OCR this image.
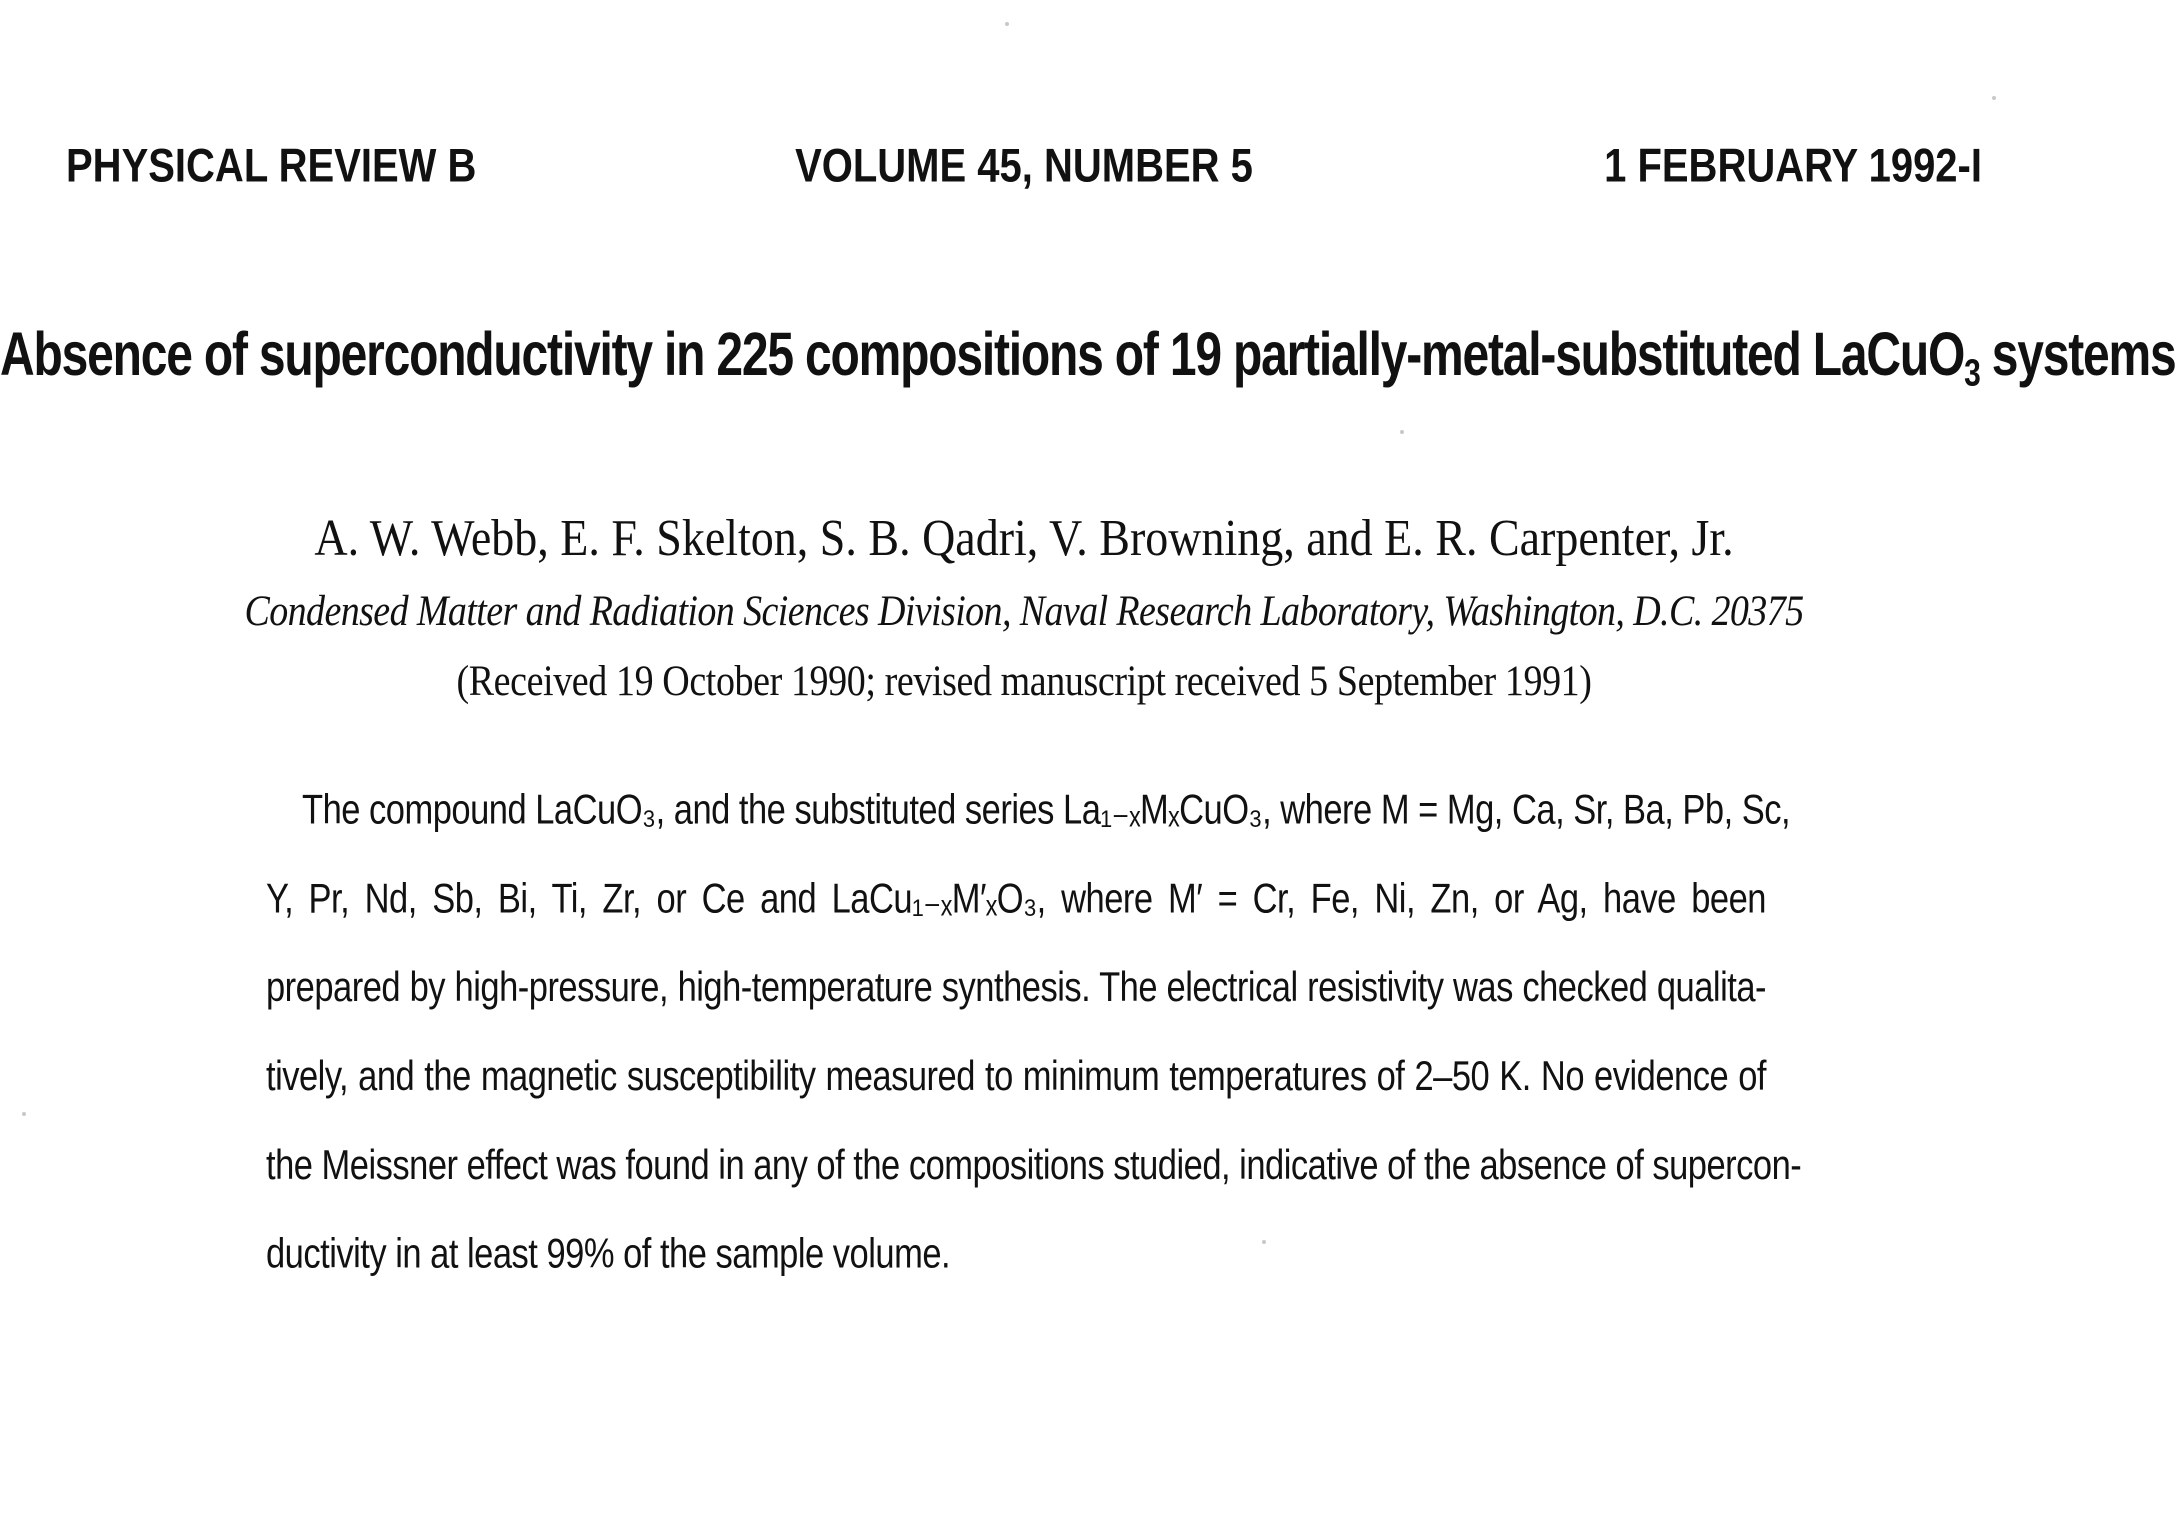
PHYSICAL REVIEW B	VOLUME 45, NUMBER 5	1 FEBRUARY 1992-I
Absence of superconductivity in 225 compositions of 19 partially-metal-substituted LaCuO$_3$ systems
A. W. Webb, E. F. Skelton, S. B. Qadri, V. Browning, and E. R. Carpenter, Jr.
Condensed Matter and Radiation Sciences Division, Naval Research Laboratory, Washington, D.C. 20375
(Received 19 October 1990; revised manuscript received 5 September 1991)
The compound LaCuO₃, and the substituted series La₁₋ₓMₓCuO₃, where M = Mg, Ca, Sr, Ba, Pb, Sc,
Y, Pr, Nd, Sb, Bi, Ti, Zr, or Ce and LaCu₁₋ₓM′ₓO₃, where M′ = Cr, Fe, Ni, Zn, or Ag, have been
prepared by high-pressure, high-temperature synthesis. The electrical resistivity was checked qualita-
tively, and the magnetic susceptibility measured to minimum temperatures of 2–50 K. No evidence of
the Meissner effect was found in any of the compositions studied, indicative of the absence of supercon-
ductivity in at least 99% of the sample volume.
